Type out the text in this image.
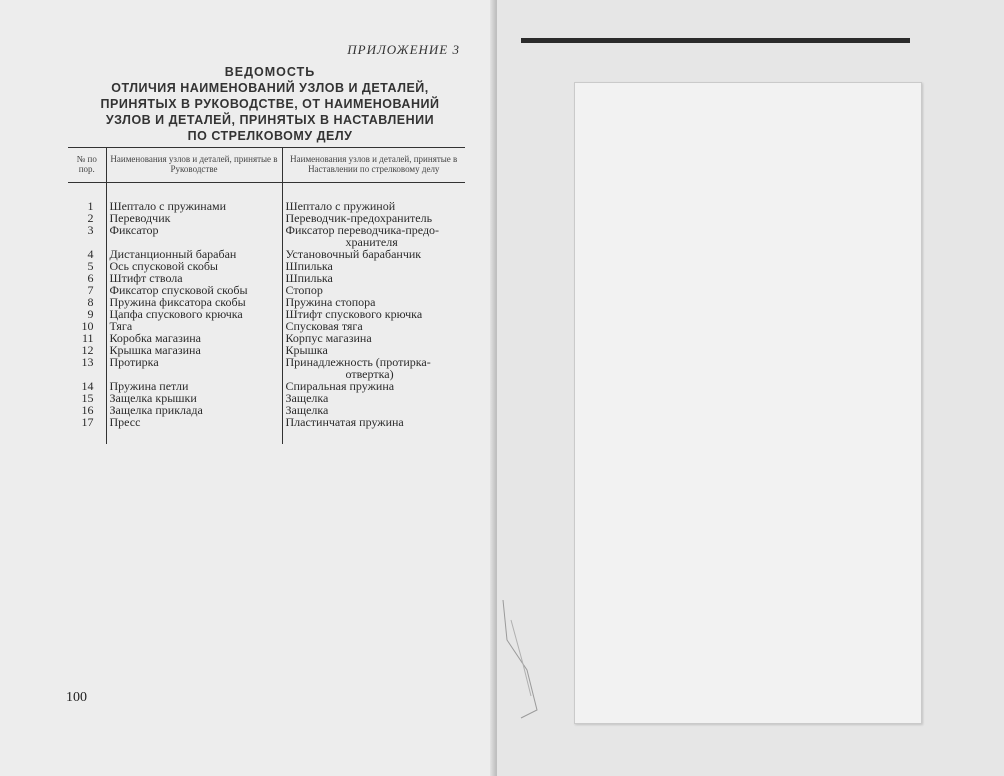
ПРИЛОЖЕНИЕ 3
ВЕДОМОСТЬ
ОТЛИЧИЯ НАИМЕНОВАНИЙ УЗЛОВ И ДЕТАЛЕЙ,
ПРИНЯТЫХ В РУКОВОДСТВЕ, ОТ НАИМЕНОВАНИЙ
УЗЛОВ И ДЕТАЛЕЙ, ПРИНЯТЫХ В НАСТАВЛЕНИИ
ПО СТРЕЛКОВОМУ ДЕЛУ
№ по пор.	Наименования узлов и деталей, принятые в Руководстве	Наименования узлов и деталей, принятые в Наставлении по стрелковому делу

1	Шептало с пружинами	Шептало с пружиной

2	Переводчик	Переводчик-предохранитель

3	Фиксатор	Фиксатор переводчика-предо-
хранителя
4	Дистанционный барабан	Установочный барабанчик

5	Ось спусковой скобы	Шпилька

6	Штифт ствола	Шпилька

7	Фиксатор спусковой скобы	Стопор

8	Пружина фиксатора скобы	Пружина стопора

9	Цапфа спускового крючка	Штифт спускового крючка

10	Тяга	Спусковая тяга

11	Коробка магазина	Корпус магазина

12	Крышка магазина	Крышка

13	Протирка	Принадлежность (протирка-
отвертка)
14	Пружина петли	Спиральная пружина

15	Защелка крышки	Защелка

16	Защелка приклада	Защелка

17	Пресс	Пластинчатая пружина

100
